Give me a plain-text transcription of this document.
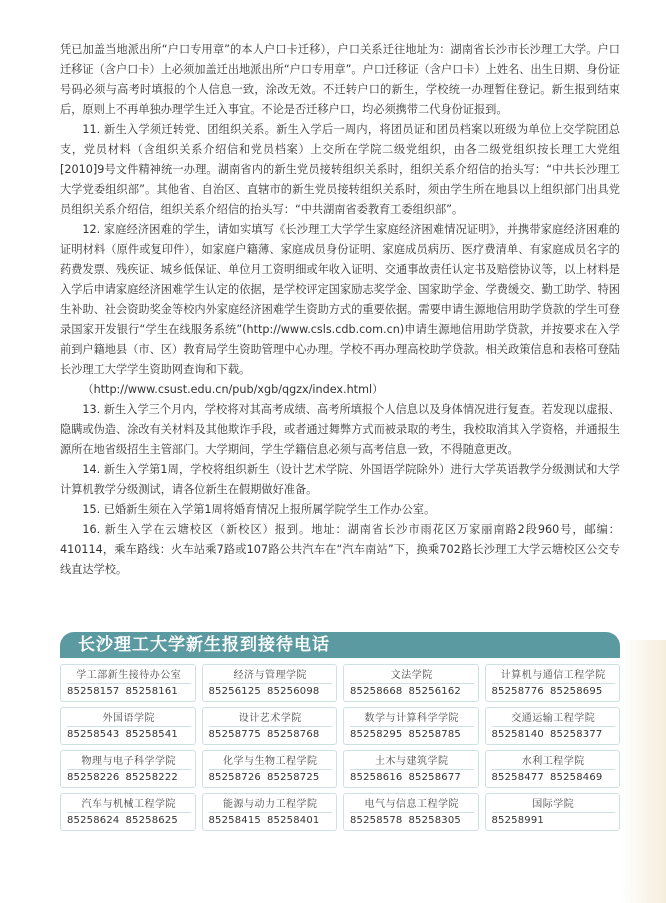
凭已加盖当地派出所“户口专用章”的本人户口卡迁移），户口关系迁往地址为：湖南省长沙市长沙理工大学。户口迁移证（含户口卡）上必须加盖迁出地派出所“户口专用章”。户口迁移证（含户口卡）上姓名、出生日期、身份证号码必须与高考时填报的个人信息一致，涂改无效。不迁转户口的新生，学校统一办理暂住登记。新生报到结束后，原则上不再单独办理学生迁入事宜。不论是否迁移户口，均必须携带二代身份证报到。

11. 新生入学须迁转党、团组织关系。新生入学后一周内，将团员证和团员档案以班级为单位上交学院团总支，党员材料（含组织关系介绍信和党员档案）上交所在学院二级党组织，由各二级党组织按长理工大党组[2010]9号文件精神统一办理。湖南省内的新生党员接转组织关系时，组织关系介绍信的抬头写：“中共长沙理工大学党委组织部”。其他省、自治区、直辖市的新生党员接转组织关系时，须由学生所在地县以上组织部门出具党员组织关系介绍信，组织关系介绍信的抬头写：“中共湖南省委教育工委组织部”。

12. 家庭经济困难的学生，请如实填写《长沙理工大学学生家庭经济困难情况证明》，并携带家庭经济困难的证明材料（原件或复印件），如家庭户籍薄、家庭成员身份证明、家庭成员病历、医疗费清单、有家庭成员名字的药费发票、残疾证、城乡低保证、单位月工资明细或年收入证明、交通事故责任认定书及赔偿协议等，以上材料是入学后申请家庭经济困难学生认定的依据，是学校评定国家励志奖学金、国家助学金、学费缓交、勤工助学、特困生补助、社会资助奖金等校内外家庭经济困难学生资助方式的重要依据。需要申请生源地信用助学贷款的学生可登录国家开发银行“学生在线服务系统”(http://www.csls.cdb.com.cn)申请生源地信用助学贷款，并按要求在入学前到户籍地县（市、区）教育局学生资助管理中心办理。学校不再办理高校助学贷款。相关政策信息和表格可登陆长沙理工大学学生资助网查询和下载。

（http://www.csust.edu.cn/pub/xgb/qgzx/index.html）

13. 新生入学三个月内，学校将对其高考成绩、高考所填报个人信息以及身体情况进行复查。若发现以虚报、隐瞒或伪造、涂改有关材料及其他欺诈手段，或者通过舞弊方式而被录取的考生，我校取消其入学资格，并通报生源所在地省级招生主管部门。大学期间，学生学籍信息必须与高考信息一致，不得随意更改。

14. 新生入学第1周，学校将组织新生（设计艺术学院、外国语学院除外）进行大学英语教学分级测试和大学计算机教学分级测试，请各位新生在假期做好准备。

15. 已婚新生须在入学第1周将婚育情况上报所属学院学生工作办公室。

16. 新生入学在云塘校区（新校区）报到。地址：湖南省长沙市雨花区万家丽南路2段960号，邮编：410114，乘车路线：火车站乘7路或107路公共汽车在“汽车南站”下，换乘702路长沙理工大学云塘校区公交专线直达学校。

长沙理工大学新生报到接待电话
学工部新生接待办公室
85258157 85258161
经济与管理学院
85256125 85256098
文法学院
85258668 85256162
计算机与通信工程学院
85258776 85258695
外国语学院
85258543 85258541
设计艺术学院
85258775 85258768
数学与计算科学学院
85258295 85258785
交通运输工程学院
85258140 85258377
物理与电子科学学院
85258226 85258222
化学与生物工程学院
85258726 85258725
土木与建筑学院
85258616 85258677
水利工程学院
85258477 85258469
汽车与机械工程学院
85258624 85258625
能源与动力工程学院
85258415 85258401
电气与信息工程学院
85258578 85258305
国际学院
85258991
